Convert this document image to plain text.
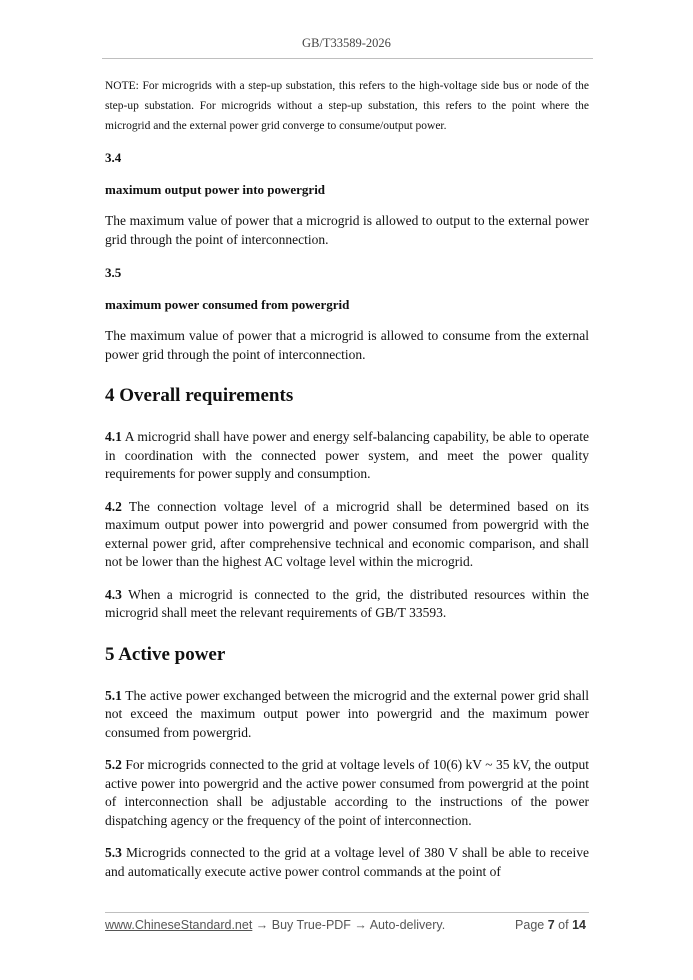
GB/T33589-2026

NOTE: For microgrids with a step-up substation, this refers to the high-voltage side bus or node of the step-up substation. For microgrids without a step-up substation, this refers to the point where the microgrid and the external power grid converge to consume/output power.

3.4

maximum output power into powergrid

The maximum value of power that a microgrid is allowed to output to the external power grid through the point of interconnection.

3.5

maximum power consumed from powergrid

The maximum value of power that a microgrid is allowed to consume from the external power grid through the point of interconnection.

4 Overall requirements

4.1 A microgrid shall have power and energy self-balancing capability, be able to operate in coordination with the connected power system, and meet the power quality requirements for power supply and consumption.

4.2 The connection voltage level of a microgrid shall be determined based on its maximum output power into powergrid and power consumed from powergrid with the external power grid, after comprehensive technical and economic comparison, and shall not be lower than the highest AC voltage level within the microgrid.

4.3 When a microgrid is connected to the grid, the distributed resources within the microgrid shall meet the relevant requirements of GB/T 33593.

5 Active power

5.1 The active power exchanged between the microgrid and the external power grid shall not exceed the maximum output power into powergrid and the maximum power consumed from powergrid.

5.2 For microgrids connected to the grid at voltage levels of 10(6) kV ~ 35 kV, the output active power into powergrid and the active power consumed from powergrid at the point of interconnection shall be adjustable according to the instructions of the power dispatching agency or the frequency of the point of interconnection.

5.3 Microgrids connected to the grid at a voltage level of 380 V shall be able to receive and automatically execute active power control commands at the point of

www.ChineseStandard.net → Buy True-PDF → Auto-delivery.	Page 7 of 14
